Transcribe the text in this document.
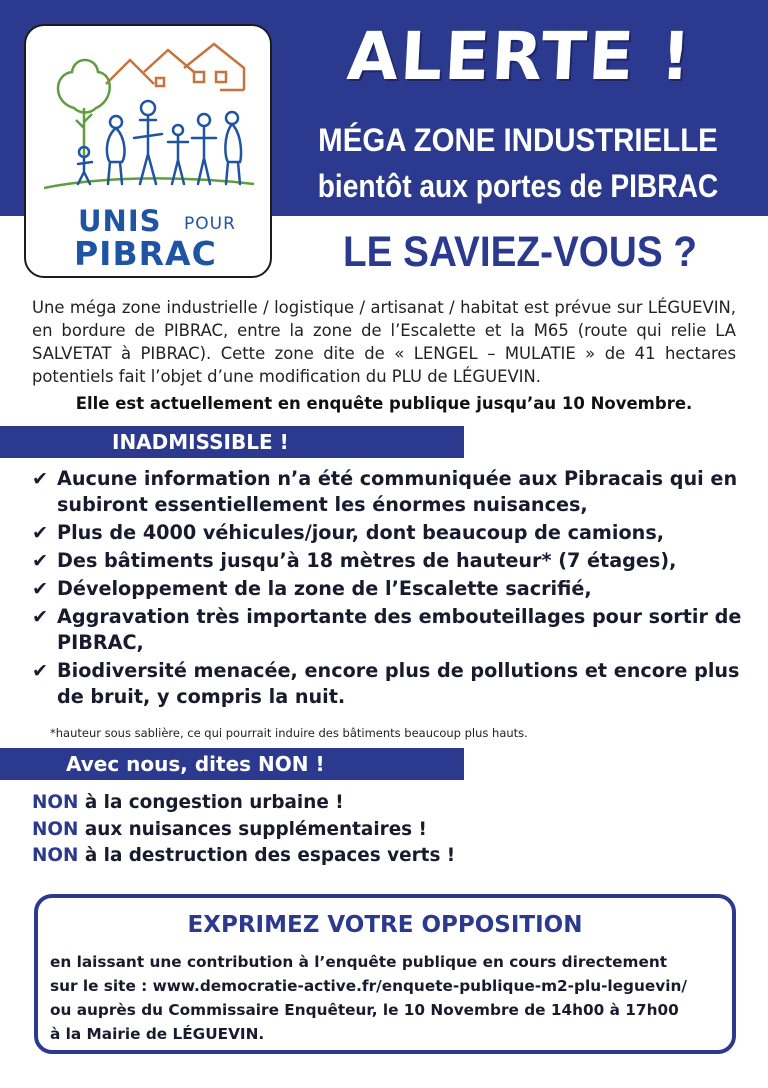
UNIS POUR
PIBRAC
ALERTE !
MÉGA ZONE INDUSTRIELLE
bientôt aux portes de PIBRAC
LE SAVIEZ-VOUS ?
Une méga zone industrielle / logistique / artisanat / habitat est prévue sur LÉGUEVIN, en bordure de PIBRAC, entre la zone de l’Escalette et la M65 (route qui relie LA SALVETAT à PIBRAC). Cette zone dite de « LENGEL – MULATIE » de 41 hectares potentiels fait l’objet d’une modification du PLU de LÉGUEVIN.
Elle est actuellement en enquête publique jusqu’au 10 Novembre.
INADMISSIBLE !
✔ Aucune information n’a été communiquée aux Pibracais qui en subiront essentiellement les énormes nuisances,
✔ Plus de 4000 véhicules/jour, dont beaucoup de camions,
✔ Des bâtiments jusqu’à 18 mètres de hauteur* (7 étages),
✔ Développement de la zone de l’Escalette sacrifié,
✔ Aggravation très importante des embouteillages pour sortir de PIBRAC,
✔ Biodiversité menacée, encore plus de pollutions et encore plus de bruit, y compris la nuit.
*hauteur sous sablière, ce qui pourrait induire des bâtiments beaucoup plus hauts.
Avec nous, dites NON !
NON à la congestion urbaine !
NON aux nuisances supplémentaires !
NON à la destruction des espaces verts !
EXPRIMEZ VOTRE OPPOSITION
en laissant une contribution à l’enquête publique en cours directement
sur le site : www.democratie-active.fr/enquete-publique-m2-plu-leguevin/
ou auprès du Commissaire Enquêteur, le 10 Novembre de 14h00 à 17h00
à la Mairie de LÉGUEVIN.
